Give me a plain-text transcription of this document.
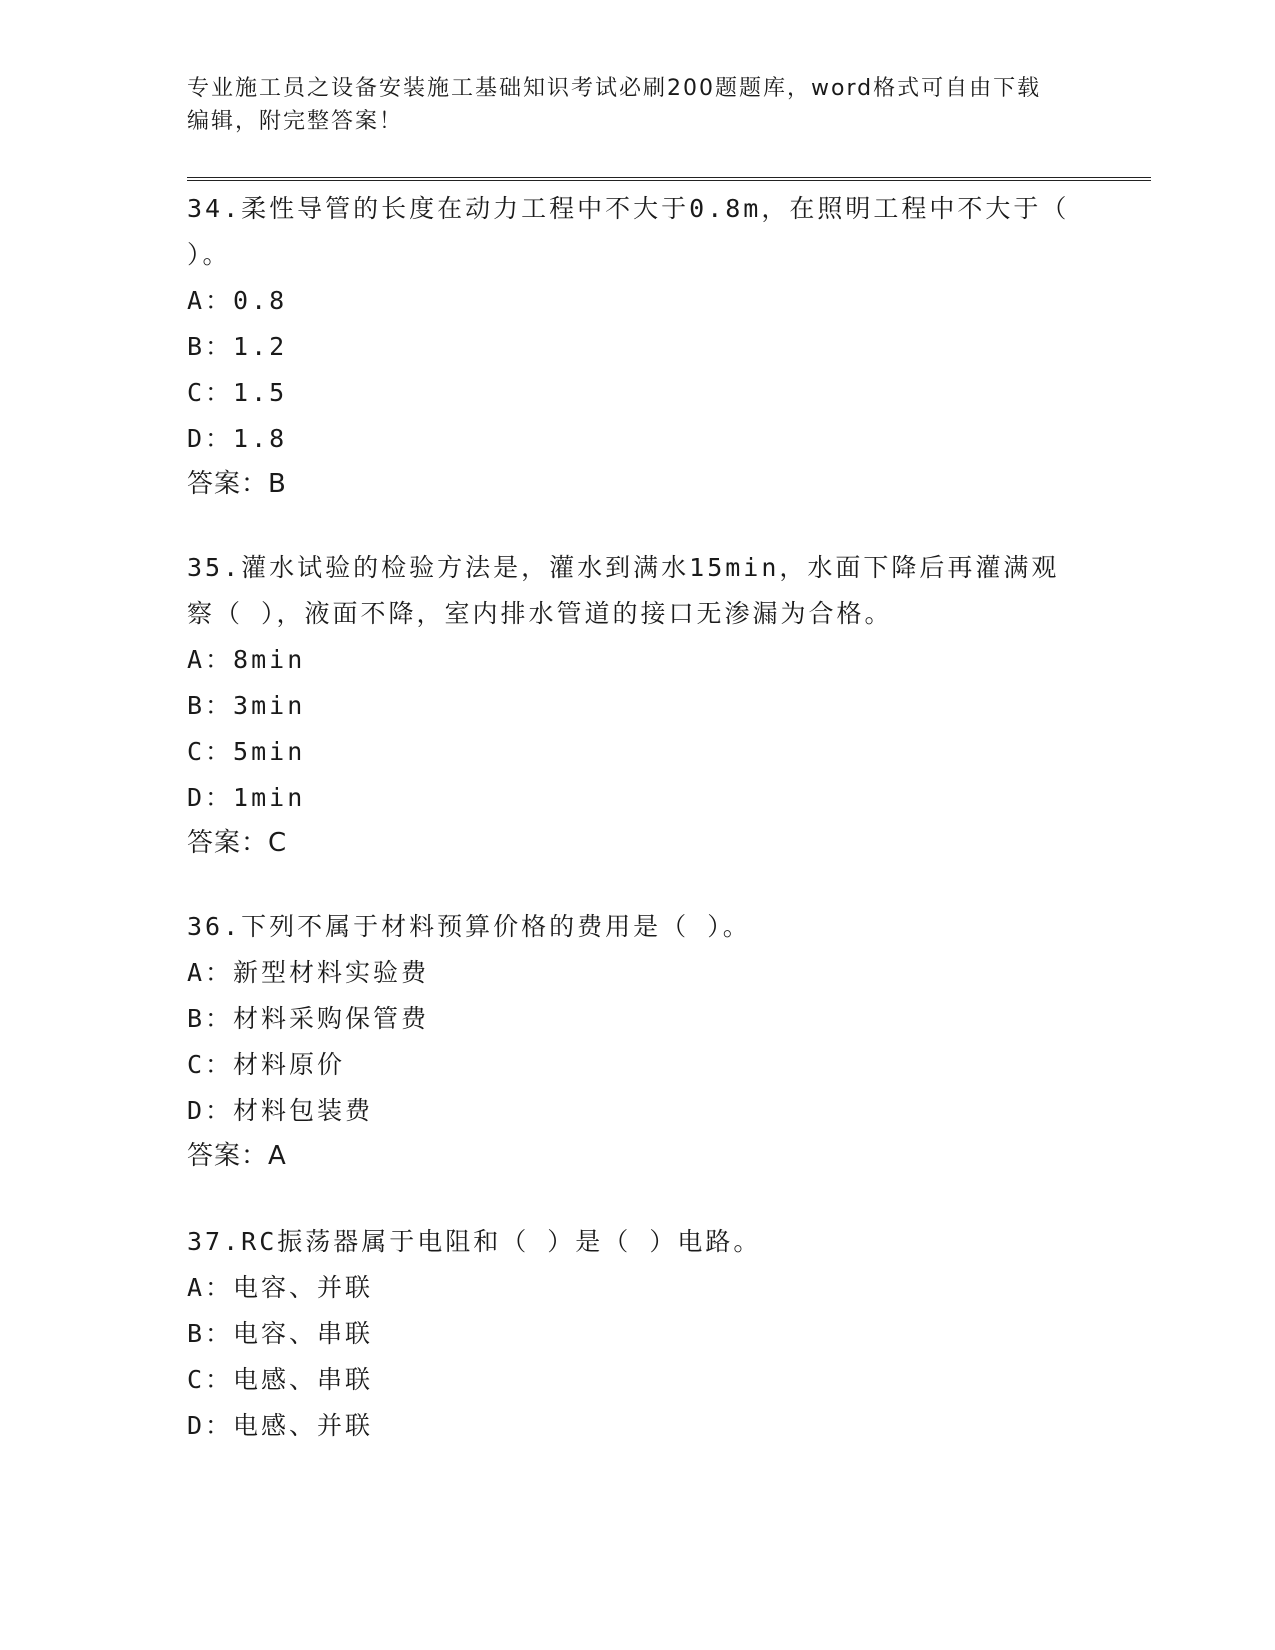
专业施工员之设备安装施工基础知识考试必刷200题题库，word格式可自由下载
编辑，附完整答案！
34.柔性导管的长度在动力工程中不大于0.8m，在照明工程中不大于（
）。
A：0.8
B：1.2
C：1.5
D：1.8
答案：B
35.灌水试验的检验方法是，灌水到满水15min，水面下降后再灌满观
察（ ），液面不降，室内排水管道的接口无渗漏为合格。
A：8min
B：3min
C：5min
D：1min
答案：C
36.下列不属于材料预算价格的费用是（ ）。
A：新型材料实验费
B：材料采购保管费
C：材料原价
D：材料包装费
答案：A
37.RC振荡器属于电阻和（ ）是（ ）电路。
A：电容、并联
B：电容、串联
C：电感、串联
D：电感、并联
